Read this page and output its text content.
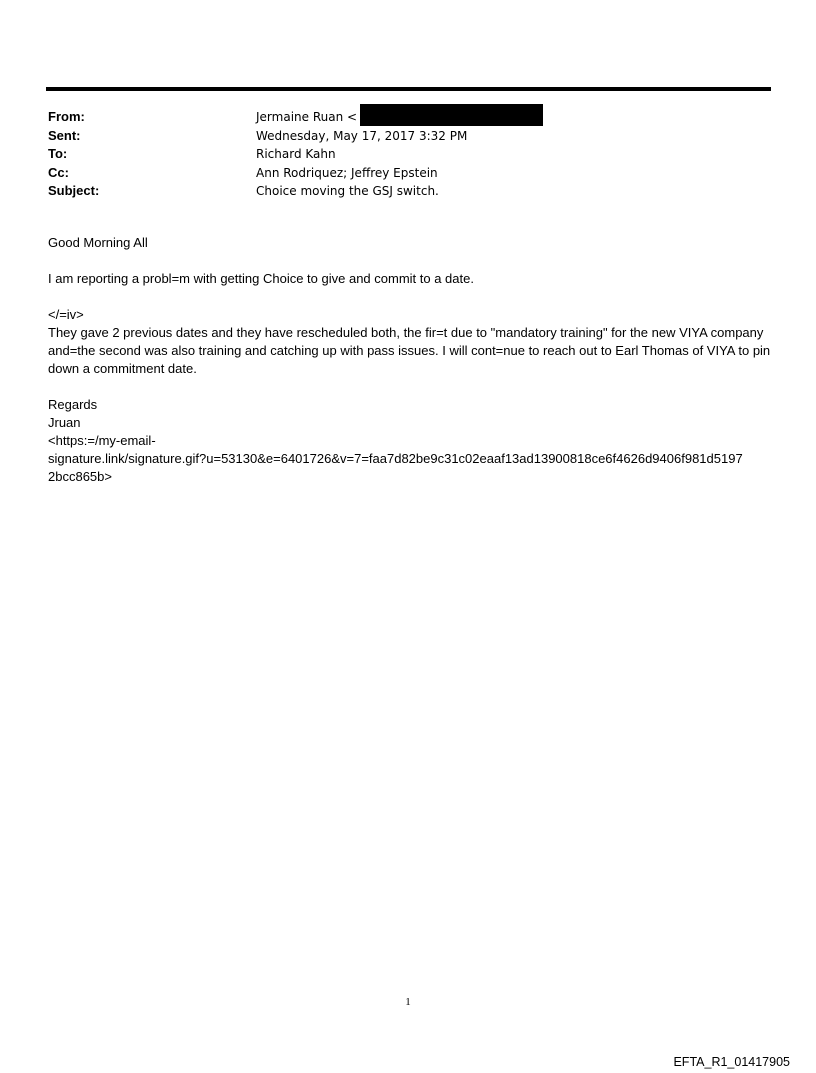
From:	Jermaine Ruan <
Sent:	Wednesday, May 17, 2017 3:32 PM
To:	Richard Kahn
Cc:	Ann Rodriquez; Jeffrey Epstein
Subject:	Choice moving the GSJ switch.

Good Morning All

I am reporting a probl=m with getting Choice to give and commit to a date.

</=iv>

They gave 2 previous dates and they have rescheduled both, the fir=t due to "mandatory training" for the new VIYA company and=the second was also training and catching up with pass issues. I will cont=nue to reach out to Earl Thomas of VIYA to pin down a commitment date.

Regards

Jruan

<https:=/my-email-

signature.link/signature.gif?u=53130&e=6401726&v=7=faa7d82be9c31c02eaaf13ad13900818ce6f4626d9406f981d5197

2bcc865b>

1
EFTA_R1_01417905
